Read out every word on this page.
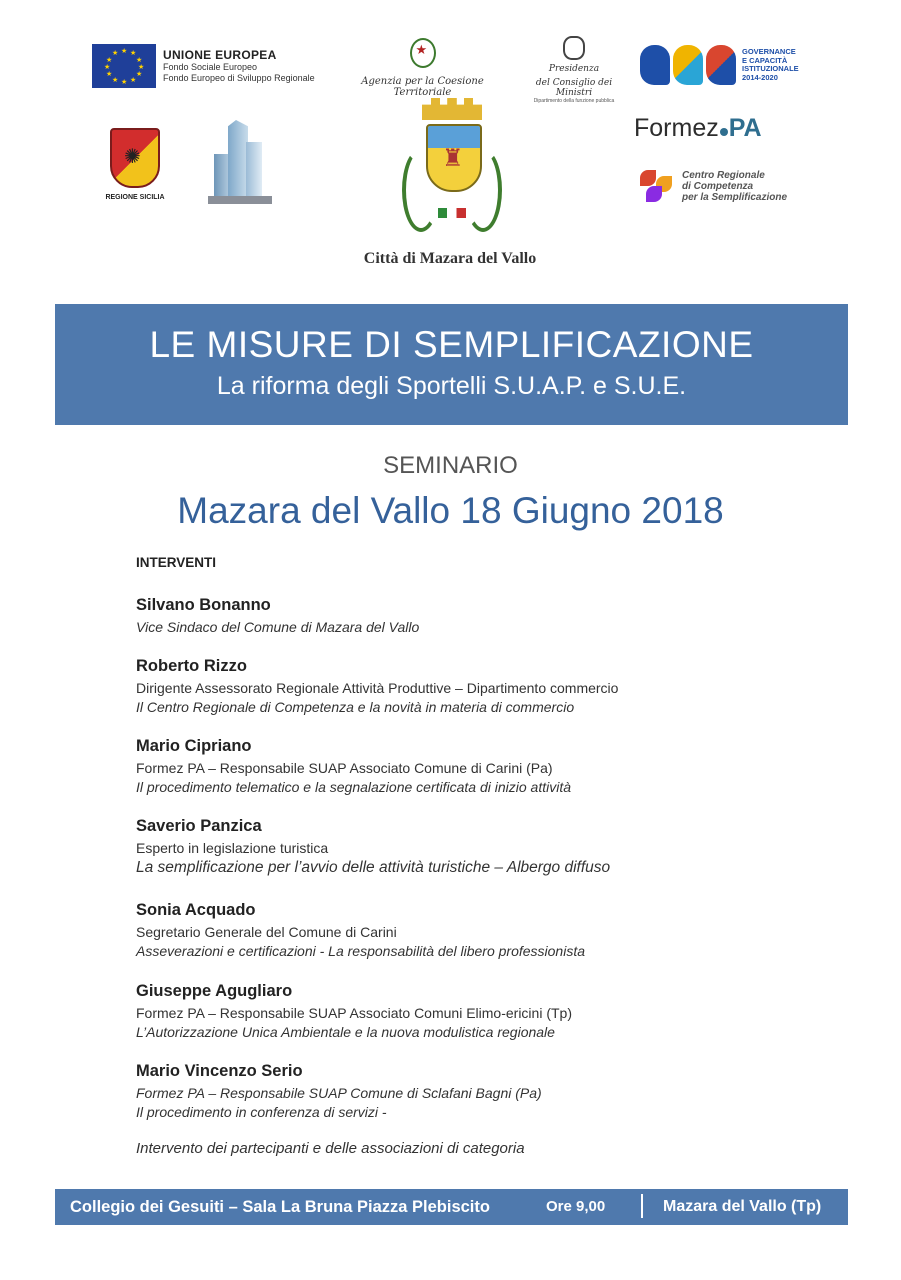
★ ★
★
★
★
★
★
★
★
★
★
★	UNIONE EUROPEA
Fondo Sociale Europeo
Fondo Europeo di Sviluppo Regionale
★	Agenzia per la Coesione Territoriale
Presidenza
del Consiglio dei Ministri
Dipartimento della funzione pubblica
GOVERNANCE
E CAPACITÀ
ISTITUZIONALE
2014-2020
✺
REGIONE SICILIA
♜
Formez PA
Centro Regionale
di Competenza
per la Semplificazione
Città di Mazara del Vallo
LE MISURE DI SEMPLIFICAZIONE
La riforma degli Sportelli S.U.A.P. e S.U.E.
SEMINARIO
Mazara del Vallo 18 Giugno 2018
INTERVENTI
Silvano Bonanno
Vice Sindaco del Comune di Mazara del Vallo
Roberto Rizzo
Dirigente Assessorato Regionale Attività Produttive – Dipartimento commercio
Il Centro Regionale di Competenza e la novità in materia di commercio
Mario Cipriano
Formez PA – Responsabile SUAP Associato Comune di Carini (Pa)
Il procedimento telematico e la segnalazione certificata di inizio attività
Saverio Panzica
Esperto in legislazione turistica
La semplificazione per l’avvio delle attività turistiche – Albergo diffuso
Sonia Acquado
Segretario Generale del Comune di Carini
Asseverazioni e certificazioni - La responsabilità del libero professionista
Giuseppe Agugliaro
Formez PA – Responsabile SUAP Associato Comuni Elimo-ericini (Tp)
L’Autorizzazione Unica Ambientale e la nuova modulistica regionale
Mario Vincenzo Serio
Formez PA – Responsabile SUAP Comune di Sclafani Bagni (Pa)
Il procedimento in conferenza di servizi -
Intervento dei partecipanti e delle associazioni di categoria
Collegio dei Gesuiti – Sala La Bruna Piazza Plebiscito	Ore 9,00	Mazara del Vallo (Tp)
